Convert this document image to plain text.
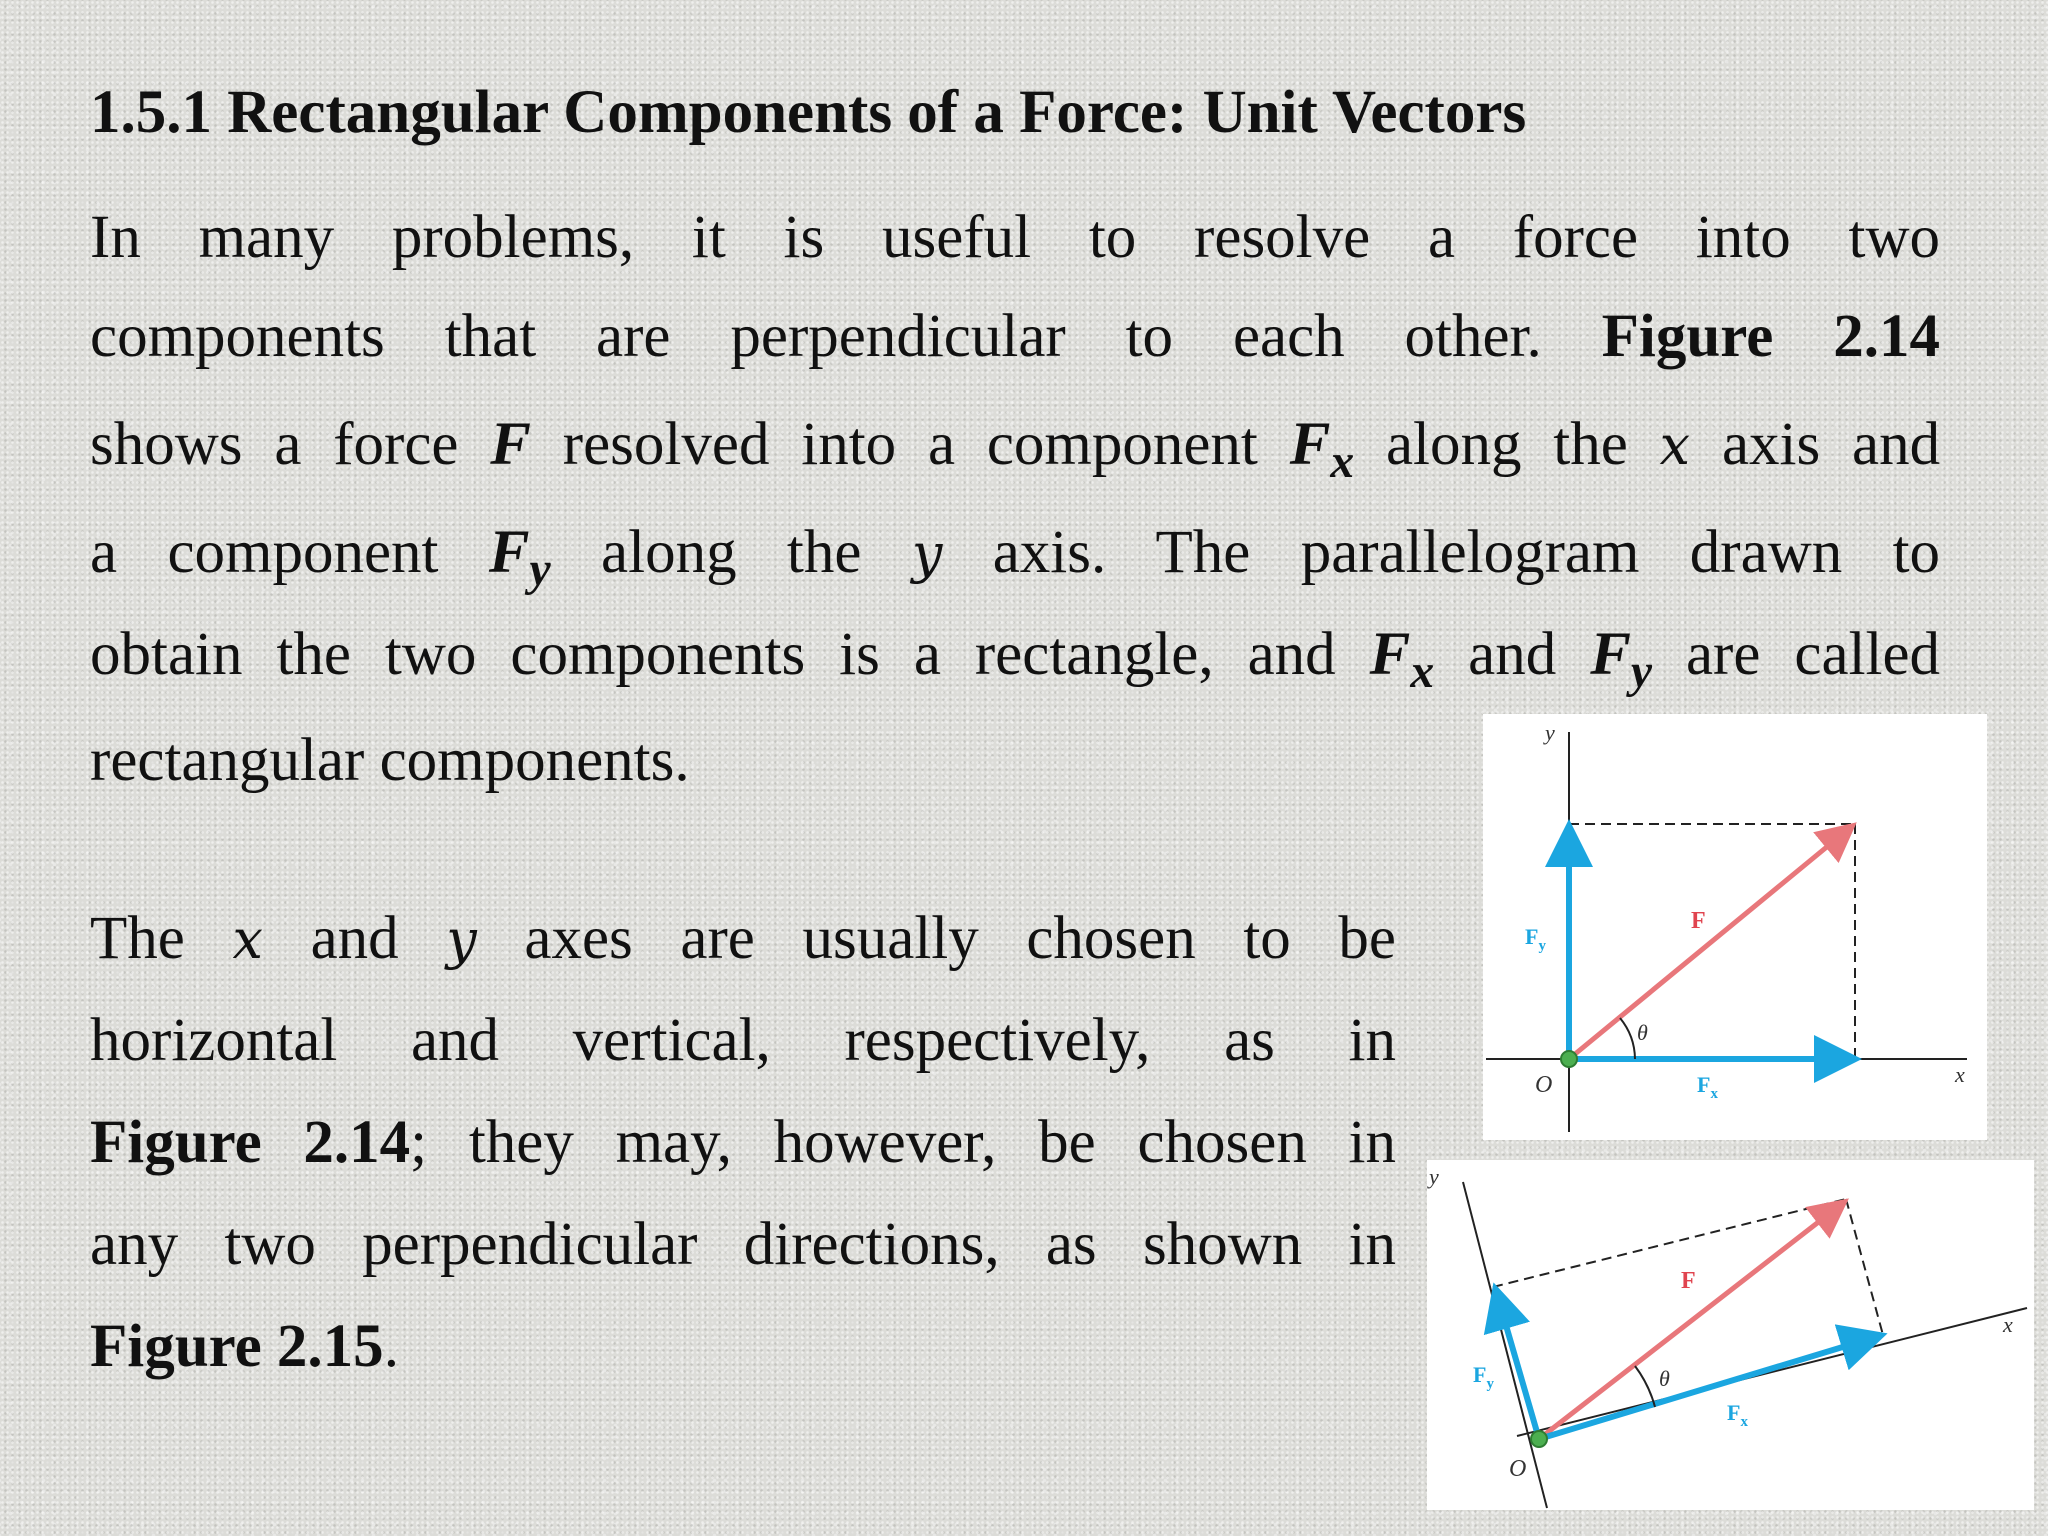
1.5.1 Rectangular Components of a Force: Unit Vectors
In many problems, it is useful to resolve a force into two
components that are perpendicular to each other. Figure 2.14
shows a force F resolved into a component $F_x$ along the x axis and
a component $F_y$ along the y axis. The parallelogram drawn to
obtain the two components is a rectangle, and $F_x$ and $F_y$ are called
rectangular components.
The x and y axes are usually chosen to be
horizontal and vertical, respectively, as in
Figure 2.14; they may, however, be chosen in
any two perpendicular directions, as shown in
Figure 2.15.
y
x
O
F
θ
$F_x$
$F_y$
y
x
O
F
θ
$F_x$
$F_y$
